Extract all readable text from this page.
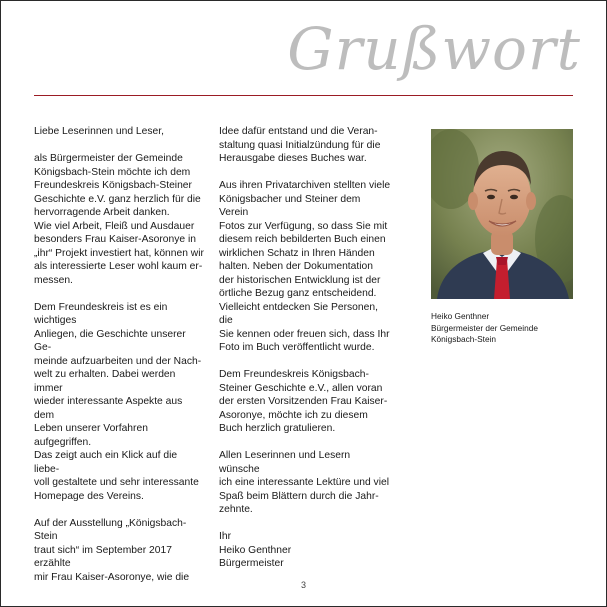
Grußwort

Liebe Leserinnen und Leser,

als Bürgermeister der Gemeinde
Königsbach-Stein möchte ich dem
Freundeskreis Königsbach-Steiner
Geschichte e.V. ganz herzlich für die
hervorragende Arbeit danken.

Wie viel Arbeit, Fleiß und Ausdauer
besonders Frau Kaiser-Asoronye in
„ihr“ Projekt investiert hat, können wir
als interessierte Leser wohl kaum er-
messen.

Dem Freundeskreis ist es ein wichtiges
Anliegen, die Geschichte unserer Ge-
meinde aufzuarbeiten und der Nach-
welt zu erhalten. Dabei werden immer
wieder interessante Aspekte aus dem
Leben unserer Vorfahren aufgegriffen.
Das zeigt auch ein Klick auf die liebe-
voll gestaltete und sehr interessante
Homepage des Vereins.

Auf der Ausstellung „Königsbach-Stein
traut sich“ im September 2017 erzählte
mir Frau Kaiser-Asoronye, wie die

Idee dafür entstand und die Veran-
staltung quasi Initialzündung für die
Herausgabe dieses Buches war.

Aus ihren Privatarchiven stellten viele
Königsbacher und Steiner dem Verein
Fotos zur Verfügung, so dass Sie mit
diesem reich bebilderten Buch einen
wirklichen Schatz in Ihren Händen
halten. Neben der Dokumentation
der historischen Entwicklung ist der
örtliche Bezug ganz entscheidend.
Vielleicht entdecken Sie Personen, die
Sie kennen oder freuen sich, dass Ihr
Foto im Buch veröffentlicht wurde.

Dem Freundeskreis Königsbach-
Steiner Geschichte e.V., allen voran
der ersten Vorsitzenden Frau Kaiser-
Asoronye, möchte ich zu diesem
Buch herzlich gratulieren.

Allen Leserinnen und Lesern wünsche
ich eine interessante Lektüre und viel
Spaß beim Blättern durch die Jahr-
zehnte.

Ihr
Heiko Genthner
Bürgermeister

Heiko Genthner
Bürgermeister der Gemeinde
Königsbach-Stein
3
